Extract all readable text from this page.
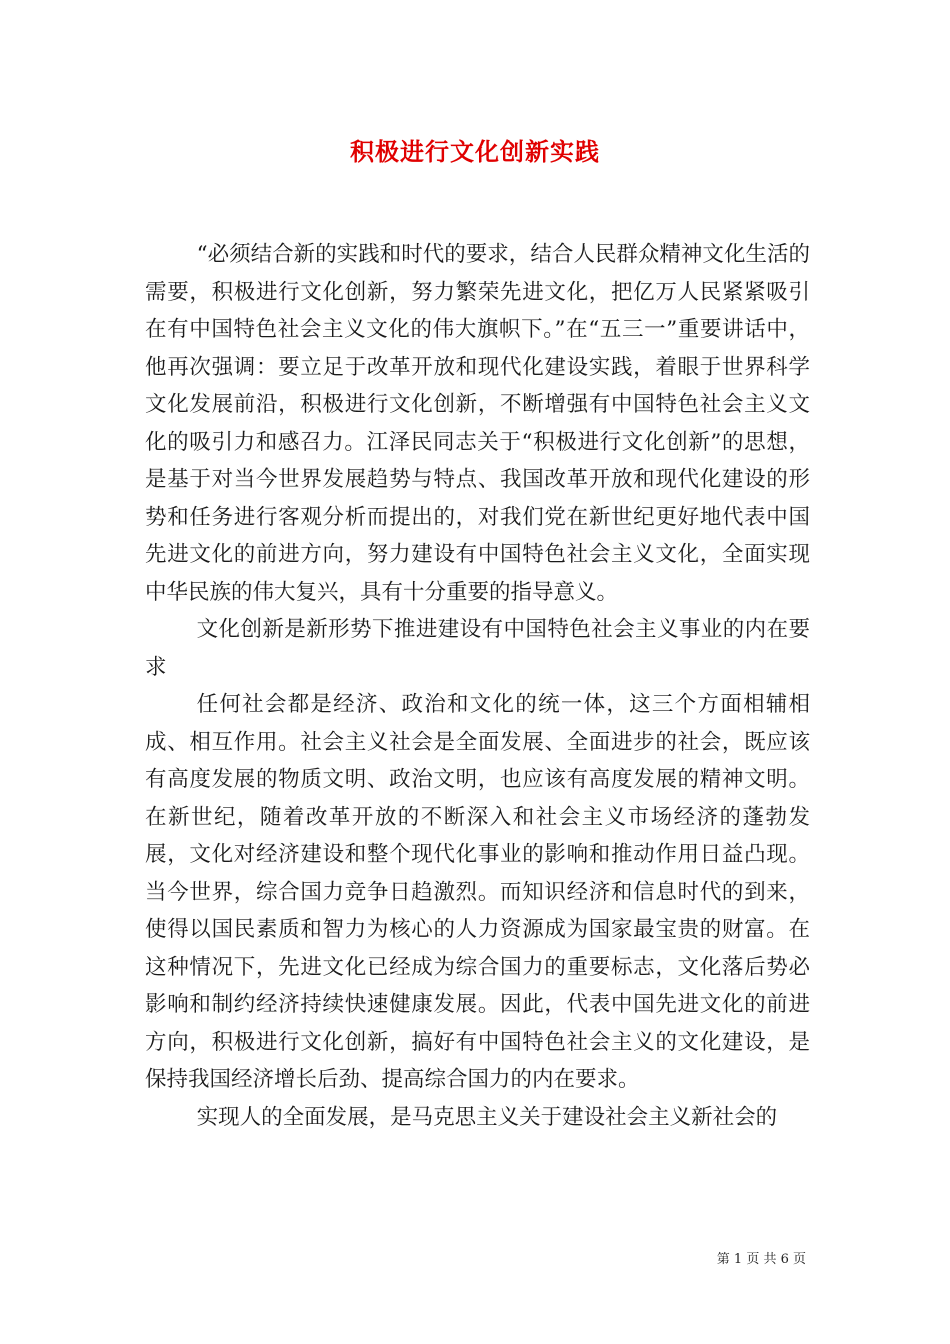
积极进行文化创新实践

“必须结合新的实践和时代的要求，结合人民群众精神文化生活的需要，积极进行文化创新，努力繁荣先进文化，把亿万人民紧紧吸引在有中国特色社会主义文化的伟大旗帜下。”在“五三一”重要讲话中，他再次强调：要立足于改革开放和现代化建设实践，着眼于世界科学文化发展前沿，积极进行文化创新，不断增强有中国特色社会主义文化的吸引力和感召力。江泽民同志关于“积极进行文化创新”的思想，是基于对当今世界发展趋势与特点、我国改革开放和现代化建设的形势和任务进行客观分析而提出的，对我们党在新世纪更好地代表中国先进文化的前进方向，努力建设有中国特色社会主义文化，全面实现中华民族的伟大复兴，具有十分重要的指导意义。

文化创新是新形势下推进建设有中国特色社会主义事业的内在要求

任何社会都是经济、政治和文化的统一体，这三个方面相辅相成、相互作用。社会主义社会是全面发展、全面进步的社会，既应该有高度发展的物质文明、政治文明，也应该有高度发展的精神文明。在新世纪，随着改革开放的不断深入和社会主义市场经济的蓬勃发展，文化对经济建设和整个现代化事业的影响和推动作用日益凸现。当今世界，综合国力竞争日趋激烈。而知识经济和信息时代的到来，使得以国民素质和智力为核心的人力资源成为国家最宝贵的财富。在这种情况下，先进文化已经成为综合国力的重要标志，文化落后势必影响和制约经济持续快速健康发展。因此，代表中国先进文化的前进方向，积极进行文化创新，搞好有中国特色社会主义的文化建设，是保持我国经济增长后劲、提高综合国力的内在要求。

实现人的全面发展，是马克思主义关于建设社会主义新社会的

第 1 页 共 6 页
